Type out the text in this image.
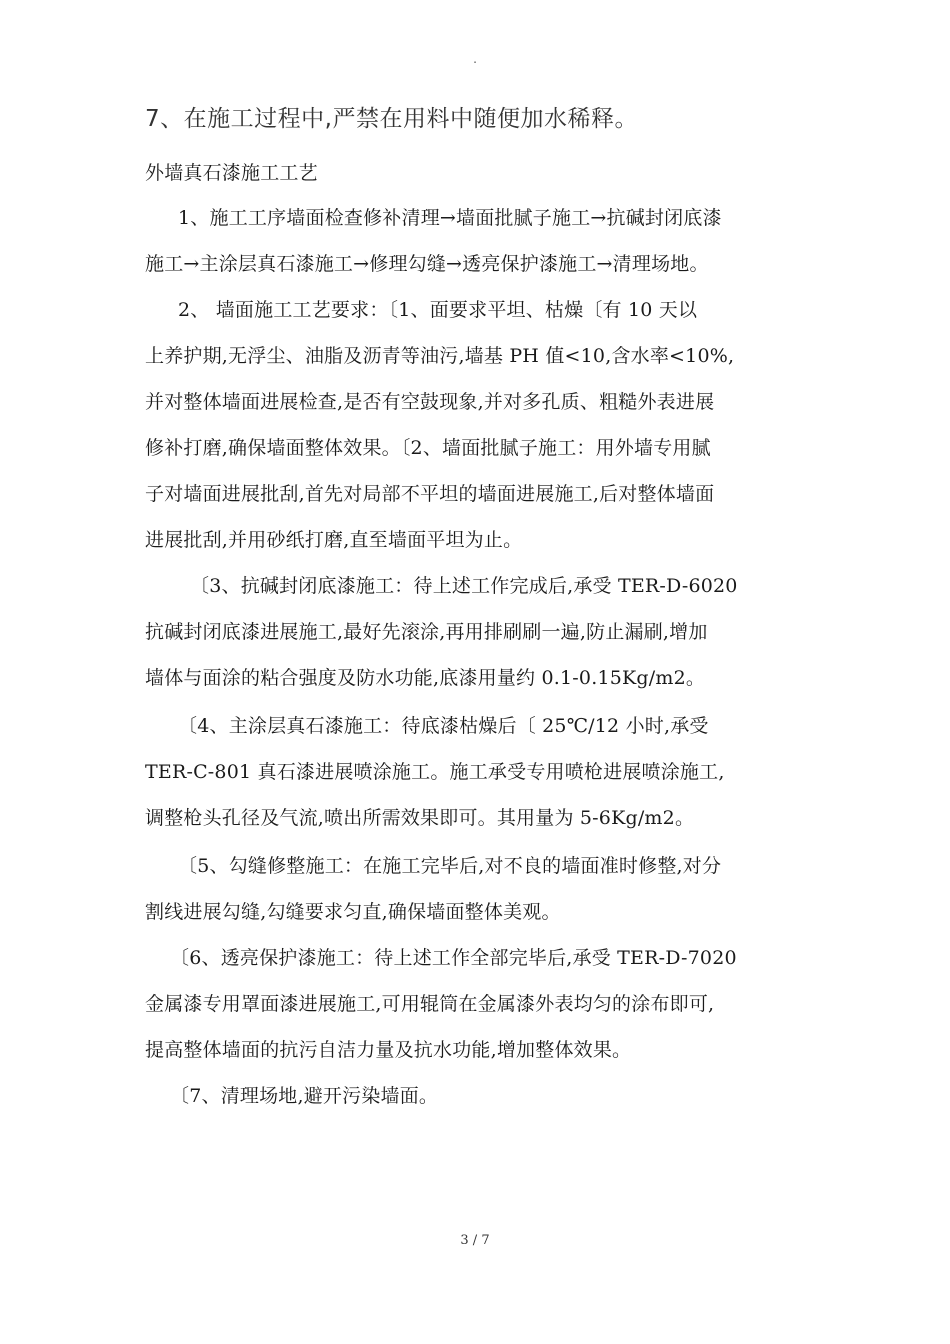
.
7、在施工过程中,严禁在用料中随便加水稀释。
外墙真石漆施工工艺
1、施工工序墙面检查修补清理→墙面批腻子施工→抗碱封闭底漆
施工→主涂层真石漆施工→修理勾缝→透亮保护漆施工→清理场地。
2、 墙面施工工艺要求：〔1、面要求平坦、枯燥〔有 10 天以
上养护期,无浮尘、油脂及沥青等油污,墙基 PH 值<10,含水率<10%,
并对整体墙面进展检查,是否有空鼓现象,并对多孔质、粗糙外表进展
修补打磨,确保墙面整体效果。〔2、墙面批腻子施工：用外墙专用腻
子对墙面进展批刮,首先对局部不平坦的墙面进展施工,后对整体墙面
进展批刮,并用砂纸打磨,直至墙面平坦为止。
〔3、抗碱封闭底漆施工：待上述工作完成后,承受 TER-D-6020
抗碱封闭底漆进展施工,最好先滚涂,再用排刷刷一遍,防止漏刷,增加
墙体与面涂的粘合强度及防水功能,底漆用量约 0.1-0.15Kg/m2。
〔4、主涂层真石漆施工：待底漆枯燥后〔 25℃/12 小时,承受
TER-C-801 真石漆进展喷涂施工。施工承受专用喷枪进展喷涂施工,
调整枪头孔径及气流,喷出所需效果即可。其用量为 5-6Kg/m2。
〔5、勾缝修整施工：在施工完毕后,对不良的墙面准时修整,对分
割线进展勾缝,勾缝要求匀直,确保墙面整体美观。
〔6、透亮保护漆施工：待上述工作全部完毕后,承受 TER-D-7020
金属漆专用罩面漆进展施工,可用辊筒在金属漆外表均匀的涂布即可,
提高整体墙面的抗污自洁力量及抗水功能,增加整体效果。
〔7、清理场地,避开污染墙面。
3 / 7
